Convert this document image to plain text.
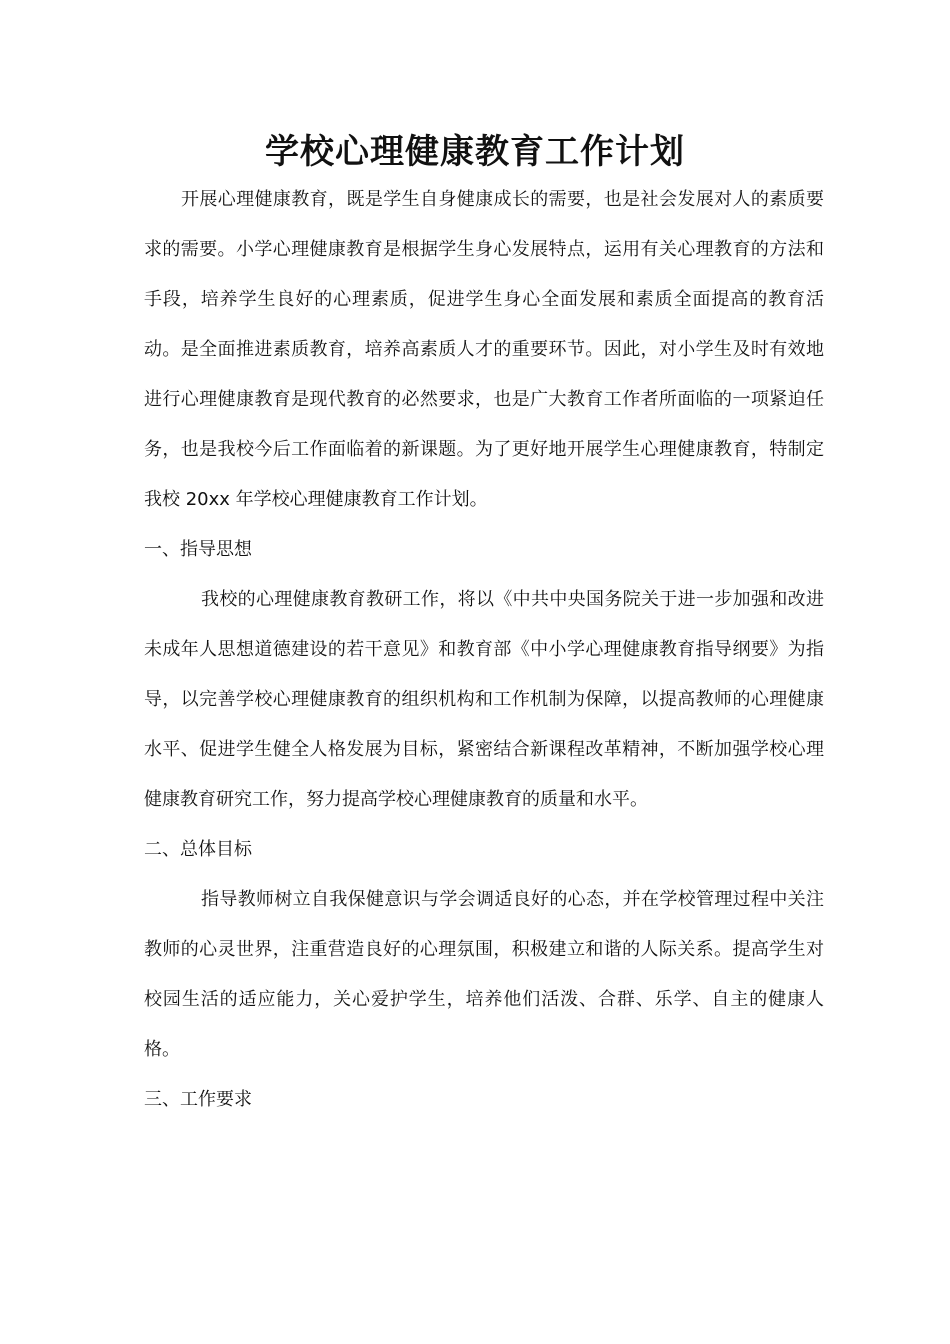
学校心理健康教育工作计划

开展心理健康教育，既是学生自身健康成长的需要，也是社会发展对人的素质要求的需要。小学心理健康教育是根据学生身心发展特点，运用有关心理教育的方法和手段，培养学生良好的心理素质，促进学生身心全面发展和素质全面提高的教育活动。是全面推进素质教育，培养高素质人才的重要环节。因此，对小学生及时有效地进行心理健康教育是现代教育的必然要求，也是广大教育工作者所面临的一项紧迫任务，也是我校今后工作面临着的新课题。为了更好地开展学生心理健康教育，特制定我校 20xx 年学校心理健康教育工作计划。

一、指导思想

我校的心理健康教育教研工作，将以《中共中央国务院关于进一步加强和改进未成年人思想道德建设的若干意见》和教育部《中小学心理健康教育指导纲要》为指导，以完善学校心理健康教育的组织机构和工作机制为保障，以提高教师的心理健康水平、促进学生健全人格发展为目标，紧密结合新课程改革精神，不断加强学校心理健康教育研究工作，努力提高学校心理健康教育的质量和水平。

二、总体目标

指导教师树立自我保健意识与学会调适良好的心态，并在学校管理过程中关注教师的心灵世界，注重营造良好的心理氛围，积极建立和谐的人际关系。提高学生对校园生活的适应能力，关心爱护学生，培养他们活泼、合群、乐学、自主的健康人格。

三、工作要求
